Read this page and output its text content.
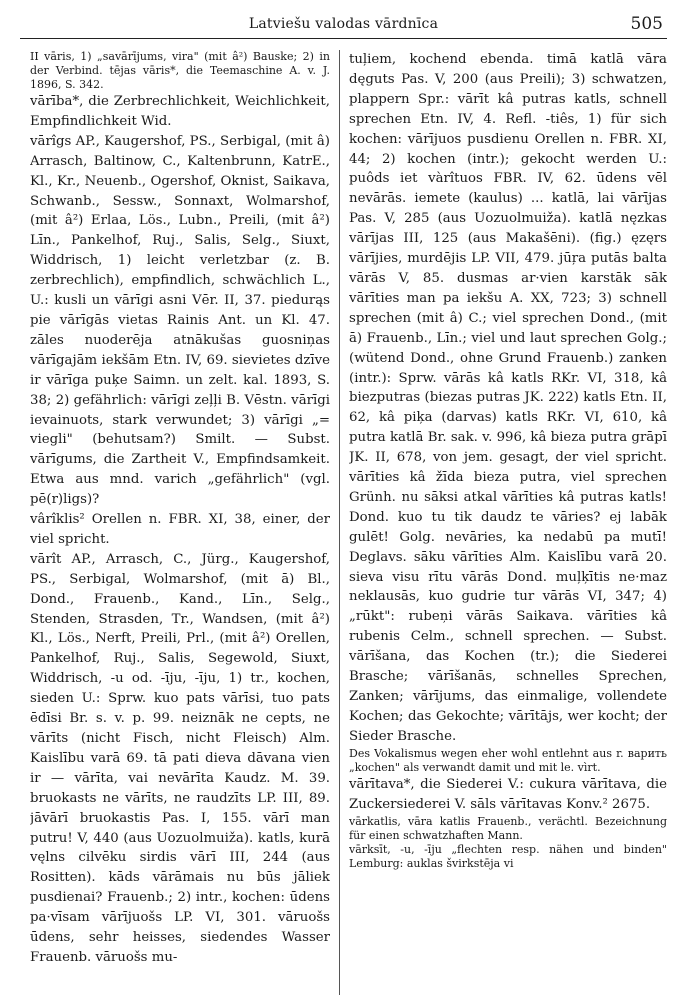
Latviešu valodas vārdnīca	505

II vāris, 1) „savārījums, vira" (mit â²) Bauske; 2) in der Verbind. tējas vāris*, die Teemaschine A. v. J. 1896, S. 342.

vārība*, die Zerbrechlichkeit, Weichlichkeit, Empfindlichkeit Wid.

vārîgs AP., Kaugershof, PS., Serbigal, (mit â) Arrasch, Baltinow, C., Kaltenbrunn, KatrE., Kl., Kr., Neuenb., Ogershof, Oknist, Saikava, Schwanb., Sessw., Sonnaxt, Wolmarshof, (mit â²) Erlaa, Lös., Lubn., Preili, (mit â²) Līn., Pankelhof, Ruj., Salis, Selg., Siuxt, Widdrisch, 1) leicht verletzbar (z. B. zerbrechlich), empfindlich, schwächlich L., U.: kusli un vārīgi asni Vēr. II, 37. piedurąs pie vārīgās vietas Rainis Ant. un Kl. 47. zāles nuoderēja atnākušas guosniņas vārīgajām iekšām Etn. IV, 69. sievietes dzīve ir vārīga puķe Saimn. un zelt. kal. 1893, S. 38; 2) gefährlich: vārīgi zeļļi B. Vēstn. vārīgi ievainuots, stark verwundet; 3) vārīgi „= viegli" (behutsam?) Smilt. — Subst. vārīgums, die Zartheit V., Empfindsamkeit. Etwa aus mnd. varich „gefährlich" (vgl. pē(r)ligs)?

vârîklis² Orellen n. FBR. XI, 38, einer, der viel spricht.

vārît AP., Arrasch, C., Jürg., Kaugershof, PS., Serbigal, Wolmarshof, (mit ā) Bl., Dond., Frauenb., Kand., Līn., Selg., Stenden, Strasden, Tr., Wandsen, (mit â²) Kl., Lös., Nerft, Preili, Prl., (mit â²) Orellen, Pankelhof, Ruj., Salis, Segewold, Siuxt, Widdrisch, -u od. -īju, -īju, 1) tr., kochen, sieden U.: Sprw. kuo pats vārīsi, tuo pats ēdīsi Br. s. v. p. 99. neiznāk ne cepts, ne vārīts (nicht Fisch, nicht Fleisch) Alm. Kaislību varā 69. tā pati dieva dāvana vien ir — vārīta, vai nevārīta Kaudz. M. 39. bruokasts ne vārīts, ne raudzīts LP. III, 89. jāvārī bruokastis Pas. I, 155. vārī man putru! V, 440 (aus Uozuolmuiža). katls, kurā vęlns cilvēku sirdis vārī III, 244 (aus Rositten). kāds vārāmais nu būs jāliek pusdienai? Frauenb.; 2) intr., kochen: ūdens pa·vīsam vārījuošs LP. VI, 301. vāruošs ūdens, sehr heisses, siedendes Wasser Frauenb. vāruošs mu-

tuļiem, kochend ebenda. timā katlā vāra dęguts Pas. V, 200 (aus Preili); 3) schwatzen, plappern Spr.: vārīt kâ putras katls, schnell sprechen Etn. IV, 4. Refl. -tiês, 1) für sich kochen: vārījuos pusdienu Orellen n. FBR. XI, 44; 2) kochen (intr.); gekocht werden U.: puôds iet vàrîtuos FBR. IV, 62. ūdens vēl nevārās. iemete (kaulus) ... katlā, lai vārījas Pas. V, 285 (aus Uozuolmuiža). katlā nęzkas vārījas III, 125 (aus Makašēni). (fig.) ęzęrs vārījies, murdējis LP. VII, 479. jūŗa putās balta vārās V, 85. dusmas ar·vien karstāk sāk vārīties man pa iekšu A. XX, 723; 3) schnell sprechen (mit â) C.; viel sprechen Dond., (mit ā) Frauenb., Līn.; viel und laut sprechen Golg.; (wütend Dond., ohne Grund Frauenb.) zanken (intr.): Sprw. vārās kâ katls RKr. VI, 318, kâ biezputras (biezas putras JK. 222) katls Etn. II, 62, kâ piķa (darvas) katls RKr. VI, 610, kâ putra katlā Br. sak. v. 996, kâ bieza putra grāpī JK. II, 678, von jem. gesagt, der viel spricht. vārīties kâ žīda bieza putra, viel sprechen Grünh. nu sāksi atkal vārīties kâ putras katls! Dond. kuo tu tik daudz te vāries? ej labāk gulēt! Golg. nevāries, ka nedabū pa mutī! Deglavs. sāku vārīties Alm. Kaislību varā 20. sieva visu rītu vārās Dond. muļķītis ne·maz neklausās, kuo gudrie tur vārās VI, 347; 4) „rūkt": rubeņi vārās Saikava. vārīties kâ rubenis Celm., schnell sprechen. — Subst. vārīšana, das Kochen (tr.); die Siederei Brasche; vārīšanās, schnelles Sprechen, Zanken; vārījums, das einmalige, vollendete Kochen; das Gekochte; vārītājs, wer kocht; der Sieder Brasche.

Des Vokalismus wegen eher wohl entlehnt aus r. варить „kochen" als verwandt damit und mit le. vìrt.

vārītava*, die Siederei V.: cukura vārītava, die Zuckersiederei V. sāls vārītavas Konv.² 2675.

vārkatlis, vāra katlis Frauenb., verächtl. Bezeichnung für einen schwatzhaften Mann.

vārksīt, -u, -īju „flechten resp. nähen und binden" Lemburg: auklas švirkstēja vi
